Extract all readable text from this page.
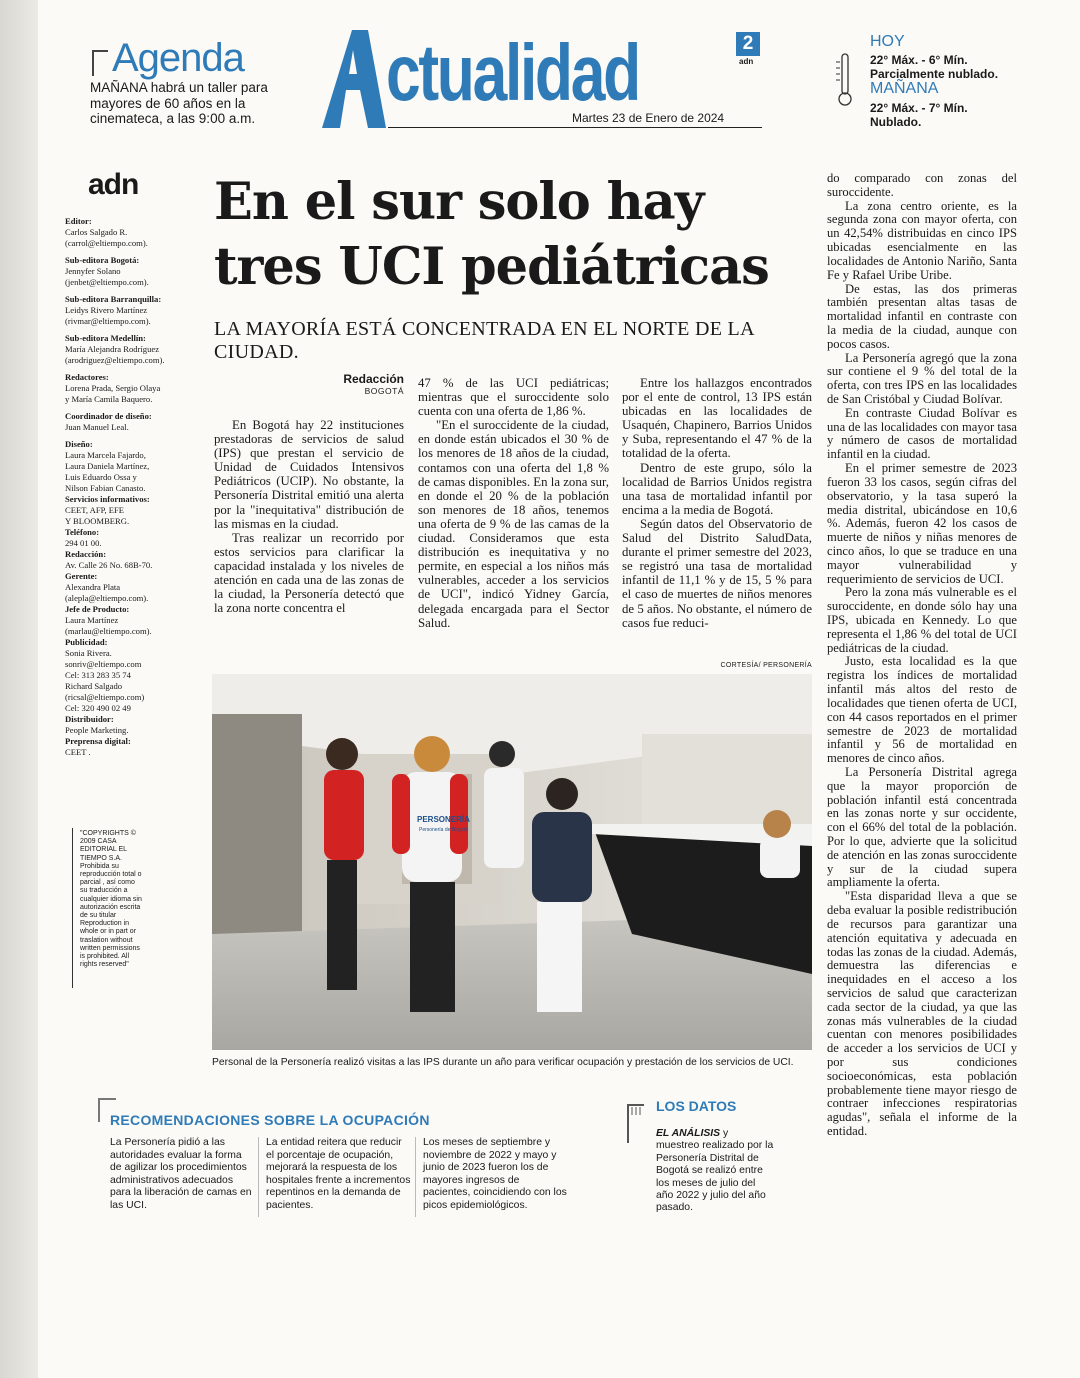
Agenda
MAÑANA habrá un taller para mayores de 60 años en la cinemateca, a las 9:00 a.m.
ctualidad	2
adn
Martes 23 de Enero de 2024
HOY
22° Máx. - 6° Mín. Parcialmente nublado.
MAÑANA
22° Máx. - 7° Mín. Nublado.
adn
Editor:
Carlos Salgado R.
(carrol@eltiempo.com).
Sub-editora Bogotá:
Jennyfer Solano
(jenbet@eltiempo.com).
Sub-editora Barranquilla:
Leidys Rivero Martínez
(rivmar@eltiempo.com).
Sub-editora Medellín:
María Alejandra Rodríguez
(arodriguez@eltiempo.com).
Redactores:
Lorena Prada, Sergio Olaya
y María Camila Baquero.
Coordinador de diseño:
Juan Manuel Leal.
Diseño:
Laura Marcela Fajardo,
Laura Daniela Martínez,
Luis Eduardo Ossa y
Nilson Fabian Canasto.
Servicios informativos:
CEET, AFP, EFE
Y BLOOMBERG.
Teléfono:
294 01 00.
Redacción:
Av. Calle 26 No. 68B-70.
Gerente:
Alexandra Plata
(alepla@eltiempo.com).
Jefe de Producto:
Laura Martínez
(marlau@eltiempo.com).
Publicidad:
Sonia Rivera.
sonriv@eltiempo.com
Cel: 313 283 35 74
Richard Salgado
(ricsal@eltiempo.com)
Cel: 320 490 02 49
Distribuidor:
People Marketing.
Preprensa digital:
CEET .
"COPYRIGHTS © 2009 CASA EDITORIAL EL TIEMPO S.A. Prohibida su reproducción total o parcial , así como su traducción a cualquier idioma sin autorización escrita de su titular Reproduction in whole or in part or traslation without written permissions is prohibited. All rights reserved"
En el sur solo hay tres UCI pediátricas
LA MAYORÍA ESTÁ CONCENTRADA EN EL NORTE DE LA CIUDAD.
Redacción
BOGOTÁ

En Bogotá hay 22 instituciones prestadoras de servicios de salud (IPS) que prestan el servicio de Unidad de Cuidados Intensivos Pediátricos (UCIP). No obstante, la Personería Distrital emitió una alerta por la "inequitativa" distribución de las mismas en la ciudad.

Tras realizar un recorrido por estos servicios para clarificar la capacidad instalada y los niveles de atención en cada una de las zonas de la ciudad, la Personería detectó que la zona norte concentra el

47 % de las UCI pediátricas; mientras que el suroccidente solo cuenta con una oferta de 1,86 %.

"En el suroccidente de la ciudad, en donde están ubicados el 30 % de los menores de 18 años de la ciudad, contamos con una oferta del 1,8 % de camas disponibles. En la zona sur, en donde el 20 % de la población son menores de 18 años, tenemos una oferta de 9 % de las camas de la ciudad. Consideramos que esta distribución es inequitativa y no permite, en especial a los niños más vulnerables, acceder a los servicios de UCI", indicó Yidney García, delegada encargada para el Sector Salud.

Entre los hallazgos encontrados por el ente de control, 13 IPS están ubicadas en las localidades de Usaquén, Chapinero, Barrios Unidos y Suba, representando el 47 % de la totalidad de la oferta.

Dentro de este grupo, sólo la localidad de Barrios Unidos registra una tasa de mortalidad infantil por encima a la media de Bogotá.

Según datos del Observatorio de Salud del Distrito SaludData, durante el primer semestre del 2023, se registró una tasa de mortalidad infantil de 11,1 % y de 15, 5 % para el caso de muertes de niños menores de 5 años. No obstante, el número de casos fue reduci-

do comparado con zonas del suroccidente.

La zona centro oriente, es la segunda zona con mayor oferta, con un 42,54% distribuidas en cinco IPS ubicadas esencialmente en las localidades de Antonio Nariño, Santa Fe y Rafael Uribe Uribe.

De estas, las dos primeras también presentan altas tasas de mortalidad infantil en contraste con la media de la ciudad, aunque con pocos casos.

La Personería agregó que la zona sur contiene el 9 % del total de la oferta, con tres IPS en las localidades de San Cristóbal y Ciudad Bolívar.

En contraste Ciudad Bolívar es una de las localidades con mayor tasa y número de casos de mortalidad infantil en la ciudad.

En el primer semestre de 2023 fueron 33 los casos, según cifras del observatorio, y la tasa superó la media distrital, ubicándose en 10,6 %. Además, fueron 42 los casos de muerte de niños y niñas menores de cinco años, lo que se traduce en una mayor vulnerabilidad y requerimiento de servicios de UCI.

Pero la zona más vulnerable es el suroccidente, en donde sólo hay una IPS, ubicada en Kennedy. Lo que representa el 1,86 % del total de UCI pediátricas de la ciudad.

Justo, esta localidad es la que registra los índices de mortalidad infantil más altos del resto de localidades que tienen oferta de UCI, con 44 casos reportados en el primer semestre de 2023 de mortalidad infantil y 56 de mortalidad en menores de cinco años.

La Personería Distrital agrega que la mayor proporción de población infantil está concentrada en las zonas norte y sur occidente, con el 66% del total de la población. Por lo que, advierte que la solicitud de atención en las zonas suroccidente y sur de la ciudad supera ampliamente la oferta.

"Esta disparidad lleva a que se deba evaluar la posible redistribución de recursos para garantizar una atención equitativa y adecuada en todas las zonas de la ciudad. Además, demuestra las diferencias e inequidades en el acceso a los servicios de salud que caracterizan cada sector de la ciudad, ya que las zonas más vulnerables de la ciudad cuentan con menores posibilidades de acceder a los servicios de UCI y por sus condiciones socioeconómicas, esta población probablemente tiene mayor riesgo de contraer infecciones respiratorias agudas", señala el informe de la entidad.

CORTESÍA/ PERSONERÍA
PERSONERÍA
Personería de Bogotá
Personal de la Personería realizó visitas a las IPS durante un año para verificar ocupación y prestación de los servicios de UCI.
RECOMENDACIONES SOBRE LA OCUPACIÓN
La Personería pidió a las autoridades evaluar la forma de agilizar los procedimientos administrativos adecuados para la liberación de camas en las UCI.
La entidad reitera que reducir el porcentaje de ocupación, mejorará la respuesta de los hospitales frente a incrementos repentinos en la demanda de pacientes.
Los meses de septiembre y noviembre de 2022 y mayo y junio de 2023 fueron los de mayores ingresos de pacientes, coincidiendo con los picos epidemiológicos.
LOS DATOS
EL ANÁLISIS y muestreo realizado por la Personería Distrital de Bogotá se realizó entre los meses de julio del año 2022 y julio del año pasado.
